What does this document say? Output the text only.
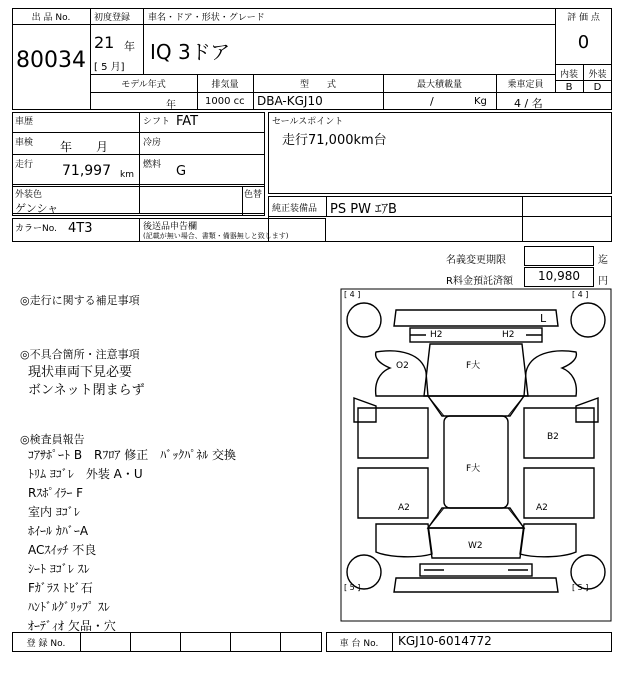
出 品 No.
80034
初度登録
21 年
[ 5 月]
車名・ドア・形状・グレード
IQ 3ドア
評 価 点
0
内装	外装
B	D
モデル年式	排気量	型　　式	最大積載量	乗車定員
年	1000 cc DBA-KGJ10	/	Kg 4 / 名
車歴	シフト FAT
車検 年　　月	冷房
走行 71,997 km
燃料 G
セールスポイント
走行71,000km台
外装色
ゲンシャ
色替
純正装備品 PS PW ｴｱB
カラーNo. 4T3	後送品申告欄
(記載が無い場合、書類・備器無しと致します)
名義変更期限	迄
R料金預託済額 10,980 円
◎走行に関する補足事項
◎不具合箇所・注意事項
現状車両下見必要
ボンネット閉まらず
◎検査員報告
ｺｱｻﾎﾟｰﾄ B　Rﾌﾛｱ 修正　ﾊﾞｯｸﾊﾟﾈﾙ 交換
ﾄﾘﾑ ﾖｺﾞﾚ　外装 A・U
Rｽﾎﾟｲﾗｰ F
室内 ﾖｺﾞﾚ
ﾎｲｰﾙ ｶﾊﾞｰA
ACｽｲｯﾁ 不良
ｼｰﾄ ﾖｺﾞﾚ ｽﾚ
Fｶﾞﾗｽ ﾄﾋﾞ石
ﾊﾝﾄﾞﾙｸﾞﾘｯﾌﾟ ｽﾚ
ｵｰﾃﾞｨｵ 欠品・穴
[ 4 ]	[ 4 ]
[ 5 ]	[ 5 ]
L
H2	H2
O2	F大
B2
F大
A2	A2
W2
登 録 No.	車 台 No.	KGJ10-6014772
